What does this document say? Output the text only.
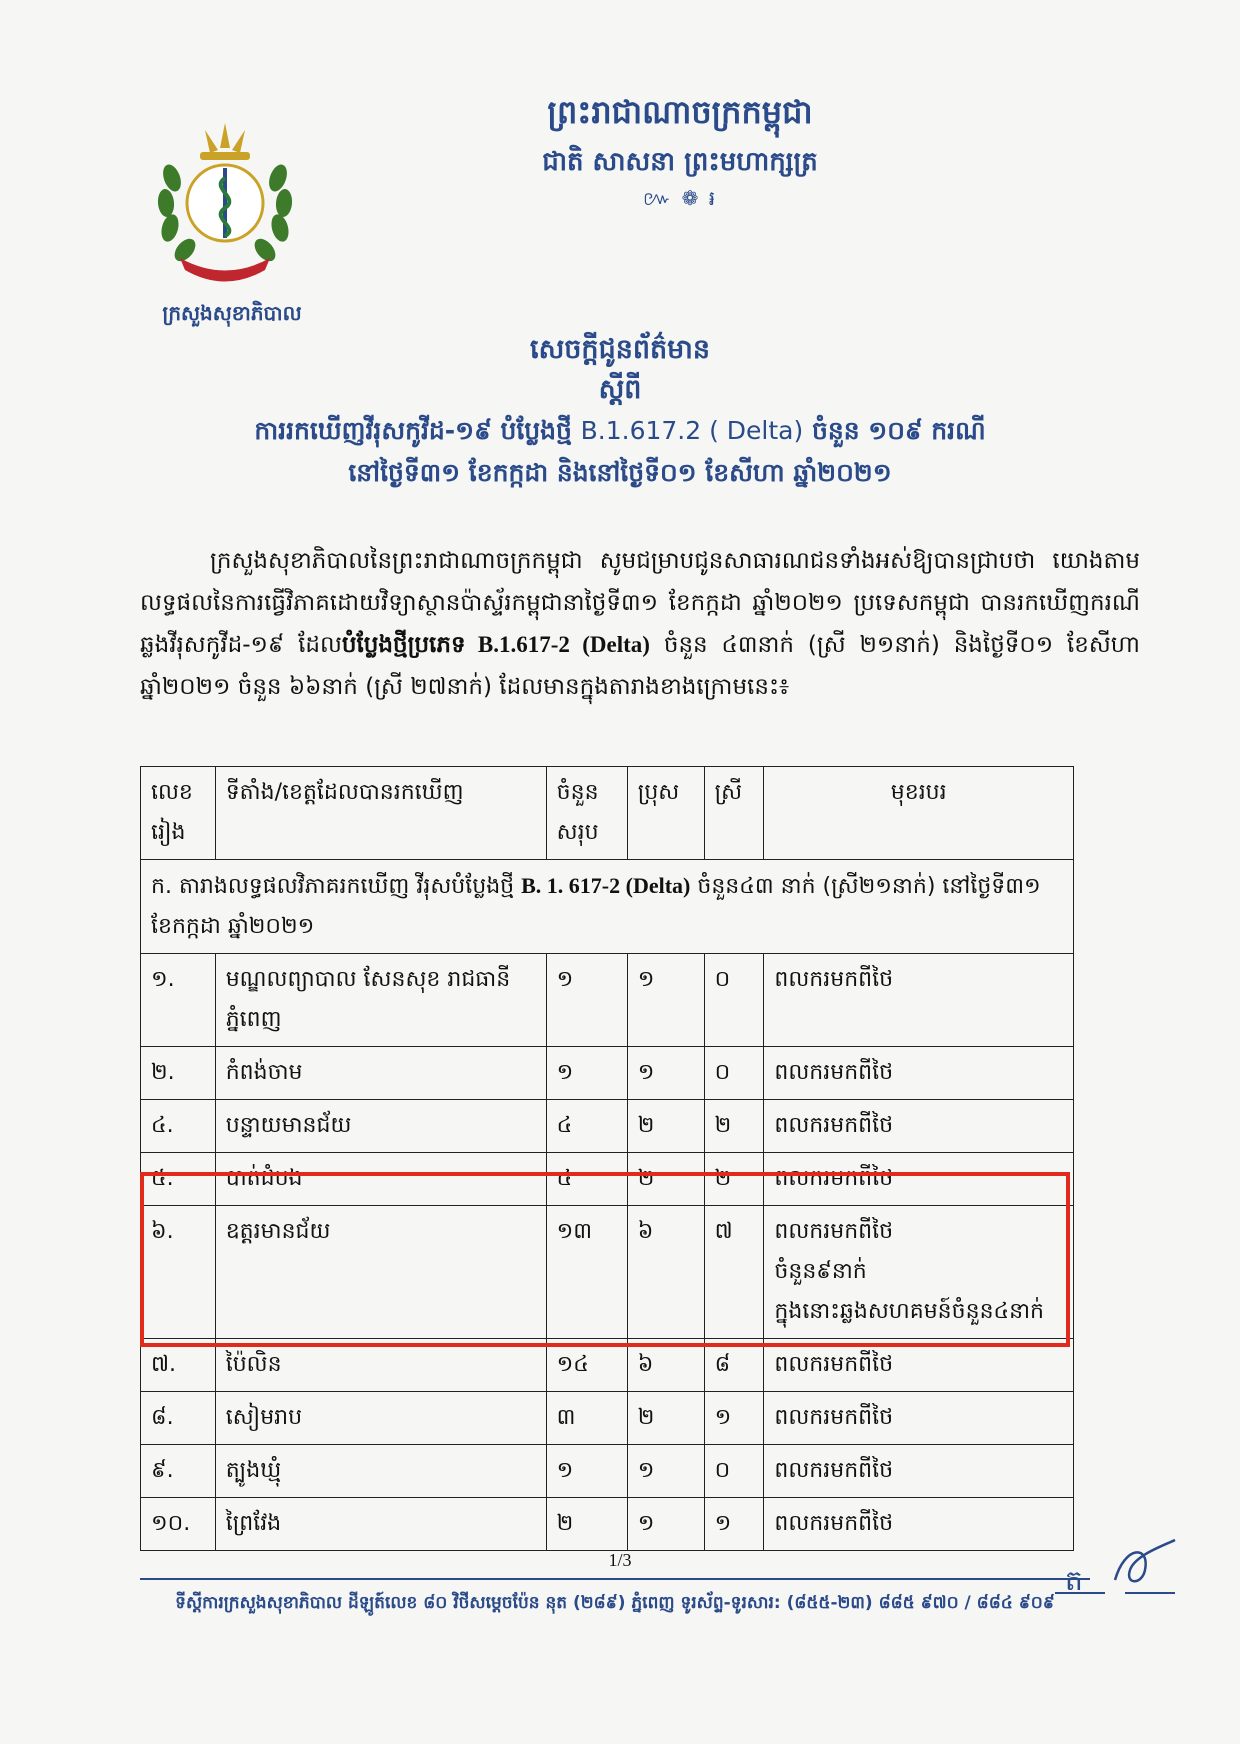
ក្រសួងសុខាភិបាល
ព្រះរាជាណាចក្រកម្ពុជា
ជាតិ សាសនា ព្រះមហាក្សត្រ
៚ ❁ ៛
សេចក្តីជូនព័ត៌មាន
ស្តីពី
ការរកឃើញវីរុសកូវីដ-១៩ បំប្លែងថ្មី B.1.617.2 ( Delta) ចំនួន ១០៩ ករណី
នៅថ្ងៃទី៣១ ខែកក្កដា និងនៅថ្ងៃទី០១ ខែសីហា ឆ្នាំ២០២១
ក្រសួងសុខាភិបាលនៃព្រះរាជាណាចក្រកម្ពុជា សូមជម្រាបជូនសាធារណជនទាំងអស់ឱ្យបានជ្រាបថា យោងតាមលទ្ធផលនៃការធ្វើវិភាគដោយវិទ្យាស្ថានប៉ាស្ទ័រកម្ពុជានាថ្ងៃទី៣១ ខែកក្កដា ឆ្នាំ២០២១ ប្រទេសកម្ពុជា បានរកឃើញករណីឆ្លងវីរុសកូវីដ-១៩ ដែលបំប្លែងថ្មីប្រភេទ B.1.617-2 (Delta) ចំនួន ៤៣នាក់ (ស្រី ២១នាក់) និងថ្ងៃទី០១ ខែសីហា ឆ្នាំ២០២១ ចំនួន ៦៦នាក់ (ស្រី ២៧នាក់) ដែលមានក្នុងតារាងខាងក្រោមនេះ៖
លេខ រៀង	ទីតាំង/ខេត្តដែលបានរកឃើញ	ចំនួន សរុប	ប្រុស	ស្រី	មុខរបរ
ក. តារាងលទ្ធផលវិភាគរកឃើញ វីរុសបំប្លែងថ្មី B. 1. 617-2 (Delta) ចំនួន៤៣ នាក់ (ស្រី២១នាក់) នៅថ្ងៃទី៣១ ខែកក្កដា ឆ្នាំ២០២១					
១.	មណ្ឌលព្យាបាល សែនសុខ រាជធានីភ្នំពេញ	១	១	០	ពលករមកពីថៃ
២.	កំពង់ចាម	១	១	០	ពលករមកពីថៃ
៤.	បន្ទាយមានជ័យ	៤	២	២	ពលករមកពីថៃ
៥.	បាត់ដំបង	៤	២	២	ពលករមកពីថៃ
៦.	ឧត្តរមានជ័យ	១៣	៦	៧	ពលករមកពីថៃ
ចំនួន៩នាក់
ក្នុងនោះឆ្លងសហគមន៍ចំនួន៤នាក់

៧.	ប៉ៃលិន	១៤	៦	៨	ពលករមកពីថៃ
៨.	សៀមរាប	៣	២	១	ពលករមកពីថៃ
៩.	ត្បូងឃ្មុំ	១	១	០	ពលករមកពីថៃ
១០.	ព្រៃវែង	២	១	១	ពលករមកពីថៃ
1/3
ទីស្តីការក្រសួងសុខាភិបាល ដីឡូត៍លេខ ៨០ វិថីសម្តេចប៉ែន នុត (២៨៩) ភ្នំពេញ ទូរស័ព្ទ-ទូរសារ: (៨៥៥-២៣) ៨៨៥ ៩៧០ / ៨៨៤ ៩០៩
ត
